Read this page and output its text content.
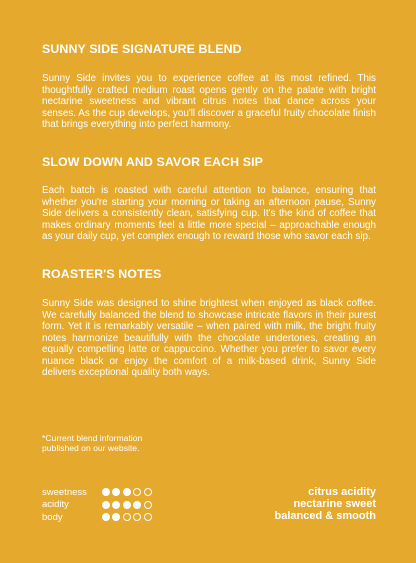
SUNNY SIDE SIGNATURE BLEND

Sunny Side invites you to experience coffee at its most refined. This thoughtfully crafted medium roast opens gently on the palate with bright nectarine sweetness and vibrant citrus notes that dance across your senses. As the cup develops, you'll discover a graceful fruity chocolate finish that brings everything into perfect harmony.

SLOW DOWN AND SAVOR EACH SIP

Each batch is roasted with careful attention to balance, ensuring that whether you're starting your morning or taking an afternoon pause, Sunny Side delivers a consistently clean, satisfying cup. It's the kind of coffee that makes ordinary moments feel a little more special – approachable enough as your daily cup, yet complex enough to reward those who savor each sip.

ROASTER'S NOTES

Sunny Side was designed to shine brightest when enjoyed as black coffee. We carefully balanced the blend to showcase intricate flavors in their purest form. Yet it is remarkably versatile – when paired with milk, the bright fruity notes harmonize beautifully with the chocolate undertones, creating an equally compelling latte or cappuccino. Whether you prefer to savor every nuance black or enjoy the comfort of a milk-based drink, Sunny Side delivers exceptional quality both ways.

*Current blend information
published on our website.
sweetness
acidity
body
citrus acidity
nectarine sweet
balanced & smooth
